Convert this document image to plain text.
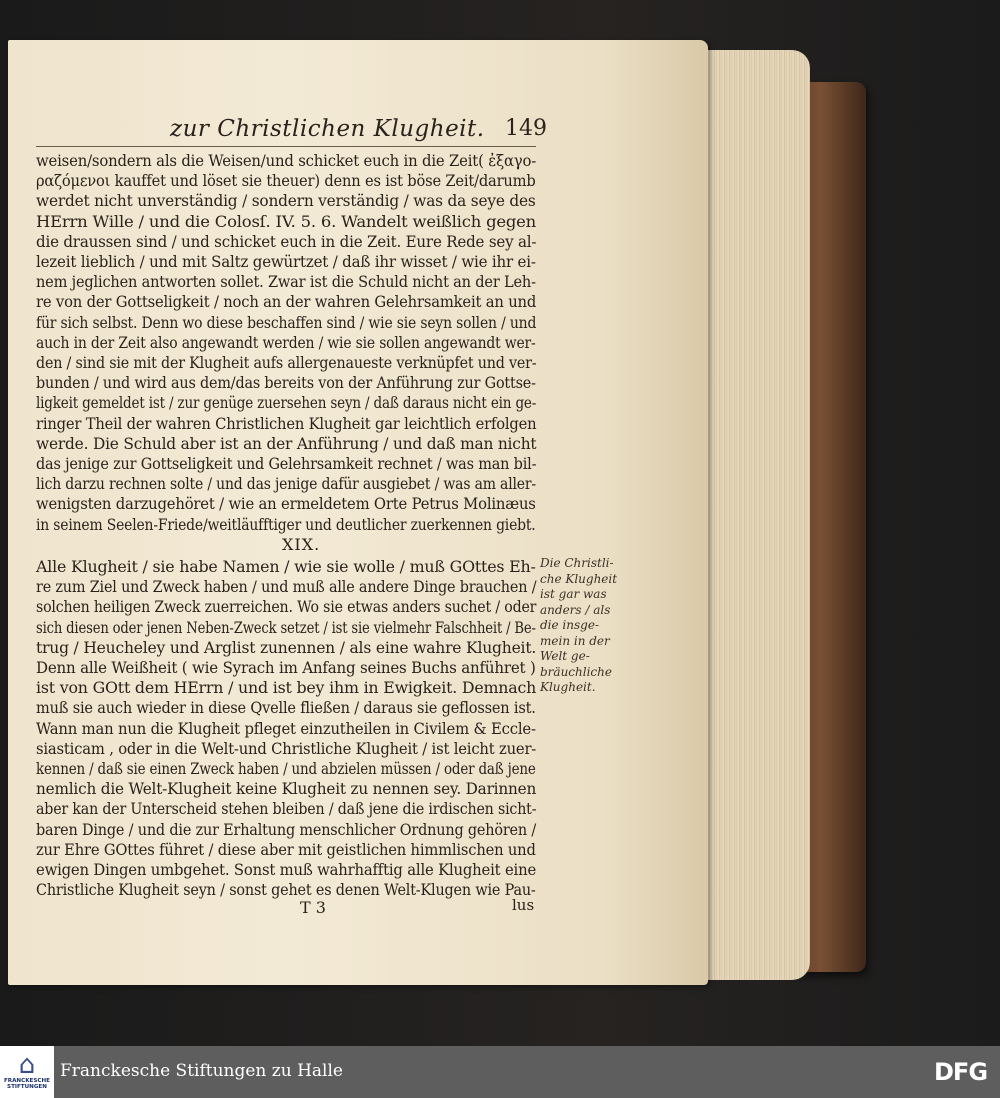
zur Christlichen Klugheit. 149
weisen/sondern als die Weisen/und schicket euch in die Zeit( ἐξαγο-
ραζόμενοι kauffet und löset sie theuer) denn es ist böse Zeit/darumb
werdet nicht unverständig / sondern verständig / was da seye des
HErrn Wille / und die Colosſ. IV. 5. 6. Wandelt weißlich gegen
die draussen sind / und schicket euch in die Zeit. Eure Rede sey al-
lezeit lieblich / und mit Saltz gewürtzet / daß ihr wisset / wie ihr ei-
nem jeglichen antworten sollet. Zwar ist die Schuld nicht an der Leh-
re von der Gottseligkeit / noch an der wahren Gelehrsamkeit an und
für sich selbst. Denn wo diese beschaffen sind / wie sie seyn sollen / und
auch in der Zeit also angewandt werden / wie sie sollen angewandt wer-
den / sind sie mit der Klugheit aufs allergenaueste verknüpfet und ver-
bunden / und wird aus dem/das bereits von der Anführung zur Gottse-
ligkeit gemeldet ist / zur genüge zuersehen seyn / daß daraus nicht ein ge-
ringer Theil der wahren Christlichen Klugheit gar leichtlich erfolgen
werde. Die Schuld aber ist an der Anführung / und daß man nicht
das jenige zur Gottseligkeit und Gelehrsamkeit rechnet / was man bil-
lich darzu rechnen solte / und das jenige dafür ausgiebet / was am aller-
wenigsten darzugehöret / wie an ermeldetem Orte Petrus Molinæus
in seinem Seelen-Friede/weitläufftiger und deutlicher zuerkennen giebt.
XIX.
Alle Klugheit / sie habe Namen / wie sie wolle / muß GOttes Eh-
re zum Ziel und Zweck haben / und muß alle andere Dinge brauchen /
solchen heiligen Zweck zuerreichen. Wo sie etwas anders suchet / oder
sich diesen oder jenen Neben-Zweck setzet / ist sie vielmehr Falschheit / Be-
trug / Heucheley und Arglist zunennen / als eine wahre Klugheit.
Denn alle Weißheit ( wie Syrach im Anfang seines Buchs anführet )
ist von GOtt dem HErrn / und ist bey ihm in Ewigkeit. Demnach
muß sie auch wieder in diese Qvelle fließen / daraus sie geflossen ist.
Wann man nun die Klugheit pfleget einzutheilen in Civilem & Eccle-
siasticam , oder in die Welt-und Christliche Klugheit / ist leicht zuer-
kennen / daß sie einen Zweck haben / und abzielen müssen / oder daß jene
nemlich die Welt-Klugheit keine Klugheit zu nennen sey. Darinnen
aber kan der Unterscheid stehen bleiben / daß jene die irdischen sicht-
baren Dinge / und die zur Erhaltung menschlicher Ordnung gehören /
zur Ehre GOttes führet / diese aber mit geistlichen himmlischen und
ewigen Dingen umbgehet. Sonst muß wahrhafftig alle Klugheit eine
Christliche Klugheit seyn / sonst gehet es denen Welt-Klugen wie Pau-
Die Christli-
che Klugheit
ist gar was
anders / als
die insge-
mein in der
Welt ge-
bräuchliche
Klugheit.
T 3	lus
⌂
FRANCKESCHE
STIFTUNGEN
Franckesche Stiftungen zu Halle	DFG
